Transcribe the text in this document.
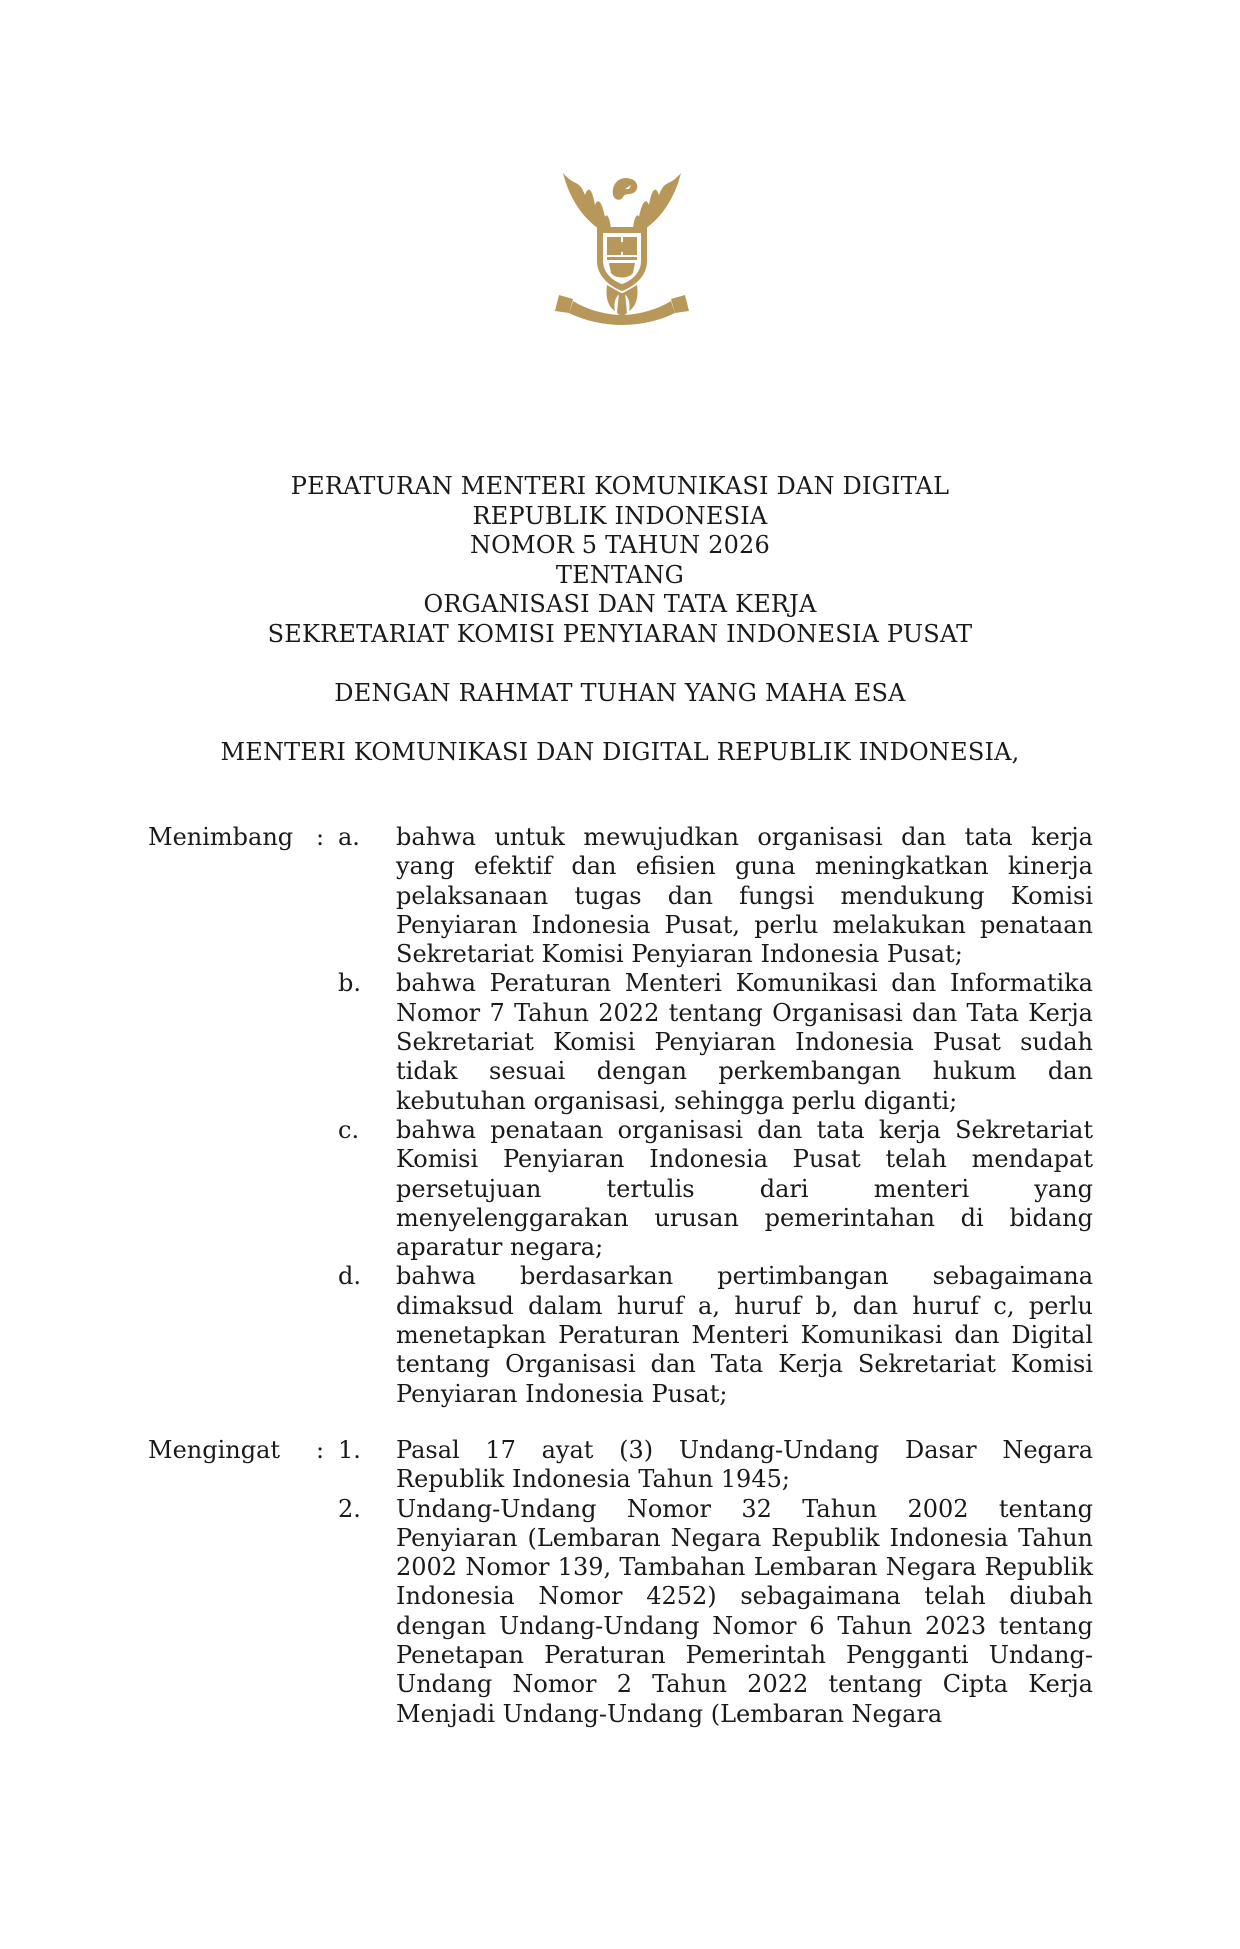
PERATURAN MENTERI KOMUNIKASI DAN DIGITAL
REPUBLIK INDONESIA
NOMOR 5 TAHUN 2026
TENTANG
ORGANISASI DAN TATA KERJA
SEKRETARIAT KOMISI PENYIARAN INDONESIA PUSAT
DENGAN RAHMAT TUHAN YANG MAHA ESA
MENTERI KOMUNIKASI DAN DIGITAL REPUBLIK INDONESIA,
Menimbang : a.	bahwa untuk mewujudkan organisasi dan tata kerja yang efektif dan efisien guna meningkatkan kinerja pelaksanaan tugas dan fungsi mendukung Komisi Penyiaran Indonesia Pusat, perlu melakukan penataan Sekretariat Komisi Penyiaran Indonesia Pusat;
b.	bahwa Peraturan Menteri Komunikasi dan Informatika Nomor 7 Tahun 2022 tentang Organisasi dan Tata Kerja Sekretariat Komisi Penyiaran Indonesia Pusat sudah tidak sesuai dengan perkembangan hukum dan kebutuhan organisasi, sehingga perlu diganti;
c.	bahwa penataan organisasi dan tata kerja Sekretariat Komisi Penyiaran Indonesia Pusat telah mendapat persetujuan tertulis dari menteri yang menyelenggarakan urusan pemerintahan di bidang aparatur negara;
d.	bahwa berdasarkan pertimbangan sebagaimana dimaksud dalam huruf a, huruf b, dan huruf c, perlu menetapkan Peraturan Menteri Komunikasi dan Digital tentang Organisasi dan Tata Kerja Sekretariat Komisi Penyiaran Indonesia Pusat;
Mengingat	: 1.	Pasal 17 ayat (3) Undang-Undang Dasar Negara Republik Indonesia Tahun 1945;
2.	Undang-Undang Nomor 32 Tahun 2002 tentang Penyiaran (Lembaran Negara Republik Indonesia Tahun 2002 Nomor 139, Tambahan Lembaran Negara Republik Indonesia Nomor 4252) sebagaimana telah diubah dengan Undang-Undang Nomor 6 Tahun 2023 tentang Penetapan Peraturan Pemerintah Pengganti Undang-Undang Nomor 2 Tahun 2022 tentang Cipta Kerja Menjadi Undang-Undang (Lembaran Negara
